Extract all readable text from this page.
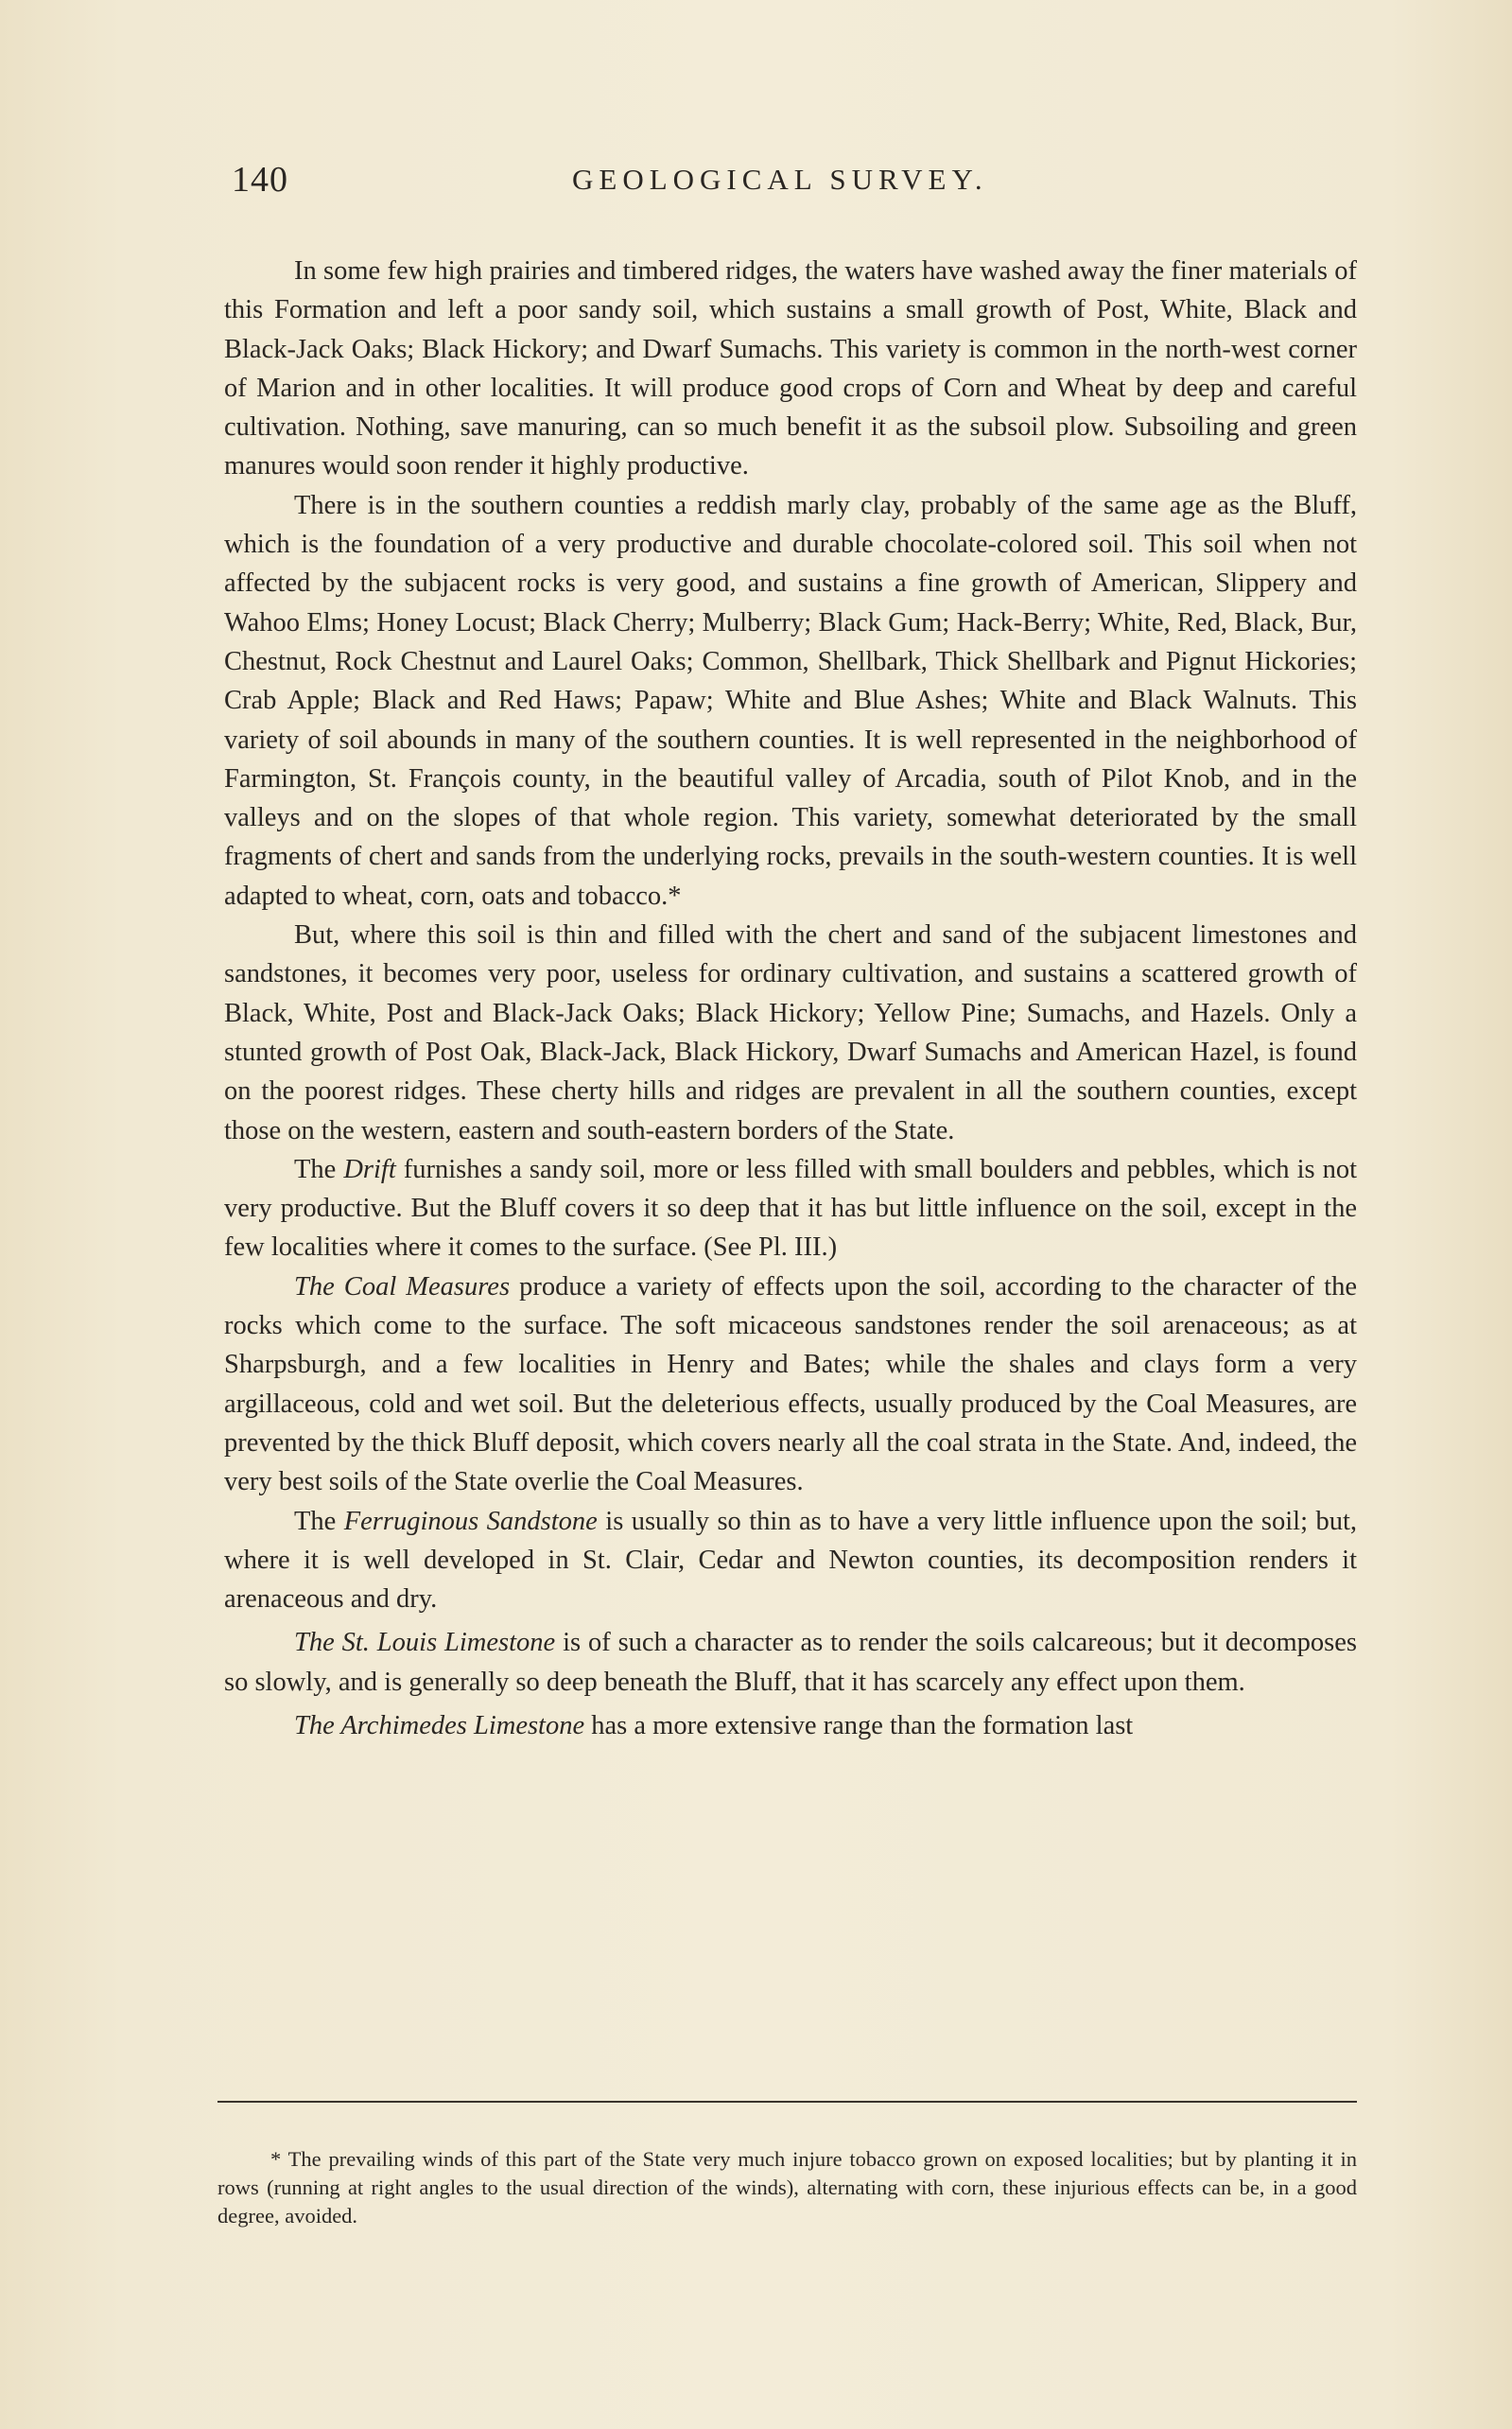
140	GEOLOGICAL SURVEY.

In some few high prairies and timbered ridges, the waters have washed away the finer materials of this Formation and left a poor sandy soil, which sustains a small growth of Post, White, Black and Black-Jack Oaks; Black Hickory; and Dwarf Sumachs. This variety is common in the north-west corner of Marion and in other localities. It will produce good crops of Corn and Wheat by deep and careful cultivation. Nothing, save manuring, can so much benefit it as the subsoil plow. Subsoiling and green manures would soon render it highly productive.

There is in the southern counties a reddish marly clay, probably of the same age as the Bluff, which is the foundation of a very productive and durable chocolate-colored soil. This soil when not affected by the subjacent rocks is very good, and sustains a fine growth of American, Slippery and Wahoo Elms; Honey Locust; Black Cherry; Mulberry; Black Gum; Hack-Berry; White, Red, Black, Bur, Chestnut, Rock Chestnut and Laurel Oaks; Common, Shellbark, Thick Shellbark and Pignut Hickories; Crab Apple; Black and Red Haws; Papaw; White and Blue Ashes; White and Black Walnuts. This variety of soil abounds in many of the southern counties. It is well represented in the neighborhood of Farmington, St. François county, in the beautiful valley of Arcadia, south of Pilot Knob, and in the valleys and on the slopes of that whole region. This variety, somewhat deteriorated by the small fragments of chert and sands from the underlying rocks, prevails in the south-western counties. It is well adapted to wheat, corn, oats and tobacco.*

But, where this soil is thin and filled with the chert and sand of the subjacent limestones and sandstones, it becomes very poor, useless for ordinary cultivation, and sustains a scattered growth of Black, White, Post and Black-Jack Oaks; Black Hickory; Yellow Pine; Sumachs, and Hazels. Only a stunted growth of Post Oak, Black-Jack, Black Hickory, Dwarf Sumachs and American Hazel, is found on the poorest ridges. These cherty hills and ridges are prevalent in all the southern counties, except those on the western, eastern and south-eastern borders of the State.

The Drift furnishes a sandy soil, more or less filled with small boulders and pebbles, which is not very productive. But the Bluff covers it so deep that it has but little influence on the soil, except in the few localities where it comes to the surface. (See Pl. III.)

The Coal Measures produce a variety of effects upon the soil, according to the character of the rocks which come to the surface. The soft micaceous sandstones render the soil arenaceous; as at Sharpsburgh, and a few localities in Henry and Bates; while the shales and clays form a very argillaceous, cold and wet soil. But the deleterious effects, usually produced by the Coal Measures, are prevented by the thick Bluff deposit, which covers nearly all the coal strata in the State. And, indeed, the very best soils of the State overlie the Coal Measures.

The Ferruginous Sandstone is usually so thin as to have a very little influence upon the soil; but, where it is well developed in St. Clair, Cedar and Newton counties, its decomposition renders it arenaceous and dry.

The St. Louis Limestone is of such a character as to render the soils calcareous; but it decomposes so slowly, and is generally so deep beneath the Bluff, that it has scarcely any effect upon them.

The Archimedes Limestone has a more extensive range than the formation last

* The prevailing winds of this part of the State very much injure tobacco grown on exposed localities; but by planting it in rows (running at right angles to the usual direction of the winds), alternating with corn, these injurious effects can be, in a good degree, avoided.
